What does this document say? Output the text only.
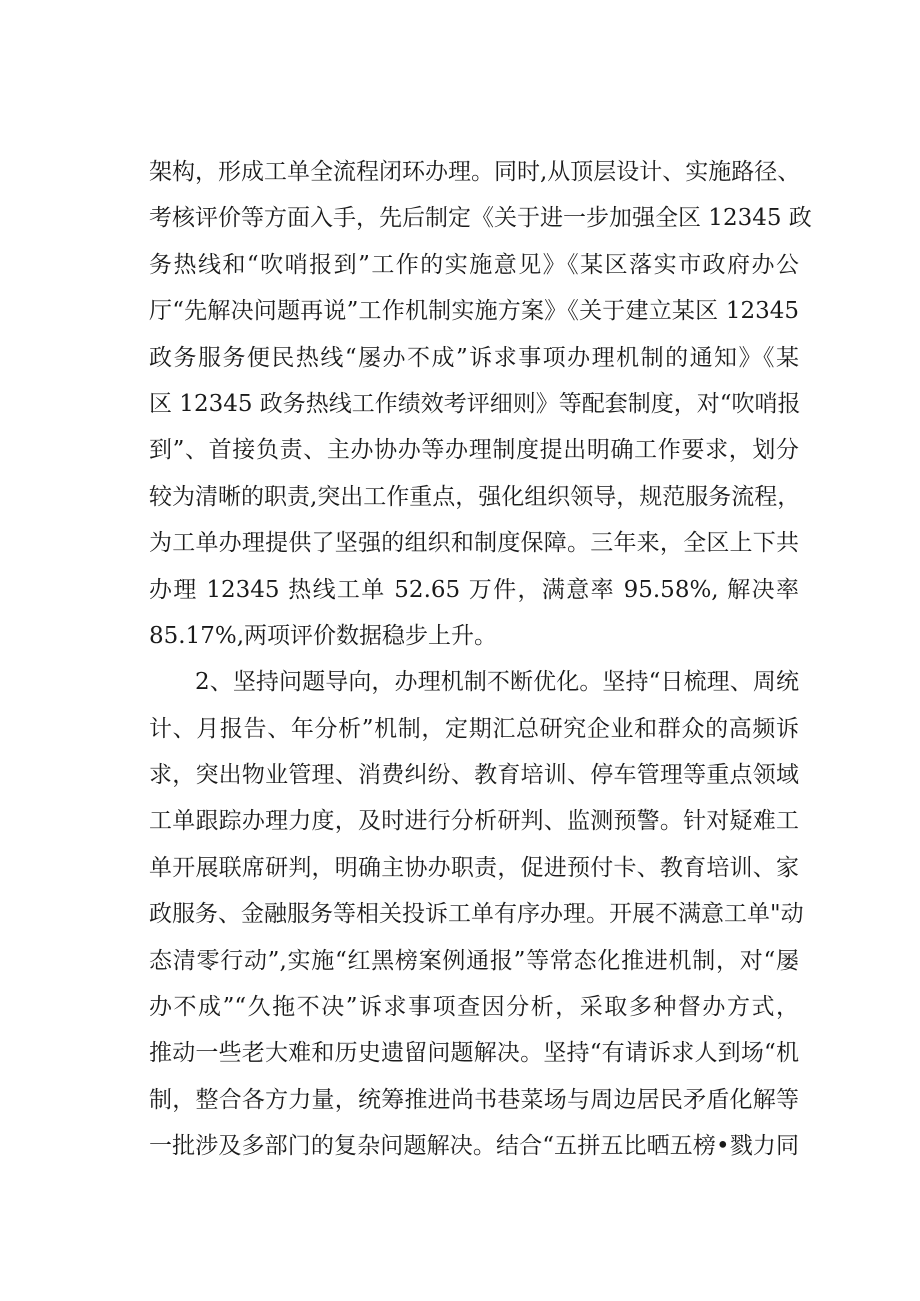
架构，形成工单全流程闭环办理。同时,从顶层设计、实施路径、
考核评价等方面入手，先后制定《关于进一步加强全区 12345 政
务热线和“吹哨报到”工作的实施意见》《某区落实市政府办公
厅“先解决问题再说”工作机制实施方案》《关于建立某区 12345
政务服务便民热线“屡办不成”诉求事项办理机制的通知》《某
区 12345 政务热线工作绩效考评细则》等配套制度，对“吹哨报
到”、首接负责、主办协办等办理制度提出明确工作要求，划分
较为清晰的职责,突出工作重点，强化组织领导，规范服务流程，
为工单办理提供了坚强的组织和制度保障。三年来，全区上下共
办理 12345 热线工单 52.65 万件，满意率 95.58%, 解决率
85.17%,两项评价数据稳步上升。
2、坚持问题导向，办理机制不断优化。坚持“日梳理、周统
计、月报告、年分析”机制，定期汇总研究企业和群众的高频诉
求，突出物业管理、消费纠纷、教育培训、停车管理等重点领域
工单跟踪办理力度，及时进行分析研判、监测预警。针对疑难工
单开展联席研判，明确主协办职责，促进预付卡、教育培训、家
政服务、金融服务等相关投诉工单有序办理。开展不满意工单"动
态清零行动”,实施“红黑榜案例通报”等常态化推进机制，对“屡
办不成”“久拖不决”诉求事项查因分析，采取多种督办方式，
推动一些老大难和历史遗留问题解决。坚持“有请诉求人到场“机
制，整合各方力量，统筹推进尚书巷菜场与周边居民矛盾化解等
一批涉及多部门的复杂问题解决。结合“五拼五比晒五榜•戮力同
